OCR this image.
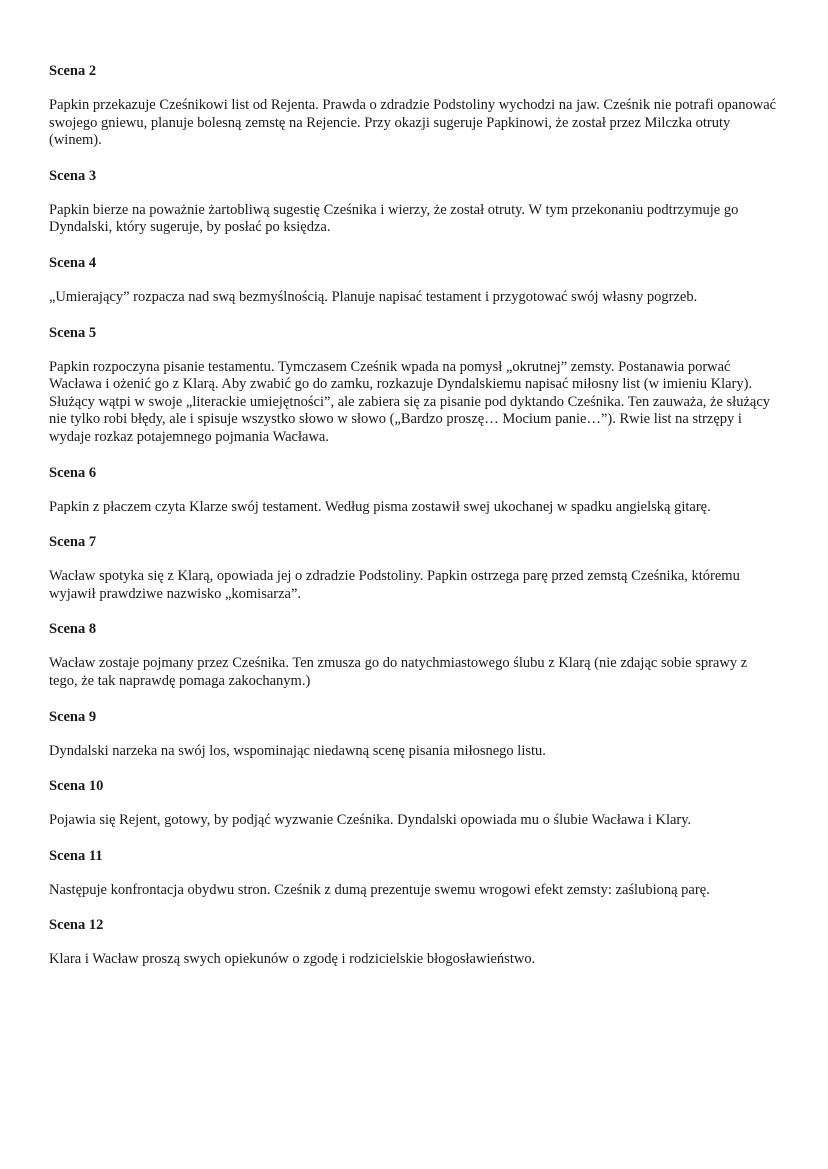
Scena 2

Papkin przekazuje Cześnikowi list od Rejenta. Prawda o zdradzie Podstoliny wychodzi na jaw. Cześnik nie potrafi opanować swojego gniewu, planuje bolesną zemstę na Rejencie. Przy okazji sugeruje Papkinowi, że został przez Milczka otruty (winem).

Scena 3

Papkin bierze na poważnie żartobliwą sugestię Cześnika i wierzy, że został otruty. W tym przekonaniu podtrzymuje go Dyndalski, który sugeruje, by posłać po księdza.

Scena 4

„Umierający” rozpacza nad swą bezmyślnością. Planuje napisać testament i przygotować swój własny pogrzeb.

Scena 5

Papkin rozpoczyna pisanie testamentu. Tymczasem Cześnik wpada na pomysł „okrutnej” zemsty. Postanawia porwać Wacława i ożenić go z Klarą. Aby zwabić go do zamku, rozkazuje Dyndalskiemu napisać miłosny list (w imieniu Klary). Służący wątpi w swoje „literackie umiejętności”, ale zabiera się za pisanie pod dyktando Cześnika. Ten zauważa, że służący nie tylko robi błędy, ale i spisuje wszystko słowo w słowo („Bardzo proszę… Mocium panie…”). Rwie list na strzępy i wydaje rozkaz potajemnego pojmania Wacława.

Scena 6

Papkin z płaczem czyta Klarze swój testament. Według pisma zostawił swej ukochanej w spadku angielską gitarę.

Scena 7

Wacław spotyka się z Klarą, opowiada jej o zdradzie Podstoliny. Papkin ostrzega parę przed zemstą Cześnika, któremu wyjawił prawdziwe nazwisko „komisarza”.

Scena 8

Wacław zostaje pojmany przez Cześnika. Ten zmusza go do natychmiastowego ślubu z Klarą (nie zdając sobie sprawy z tego, że tak naprawdę pomaga zakochanym.)

Scena 9

Dyndalski narzeka na swój los, wspominając niedawną scenę pisania miłosnego listu.

Scena 10

Pojawia się Rejent, gotowy, by podjąć wyzwanie Cześnika. Dyndalski opowiada mu o ślubie Wacława i Klary.

Scena 11

Następuje konfrontacja obydwu stron. Cześnik z dumą prezentuje swemu wrogowi efekt zemsty: zaślubioną parę.

Scena 12

Klara i Wacław proszą swych opiekunów o zgodę i rodzicielskie błogosławieństwo.
